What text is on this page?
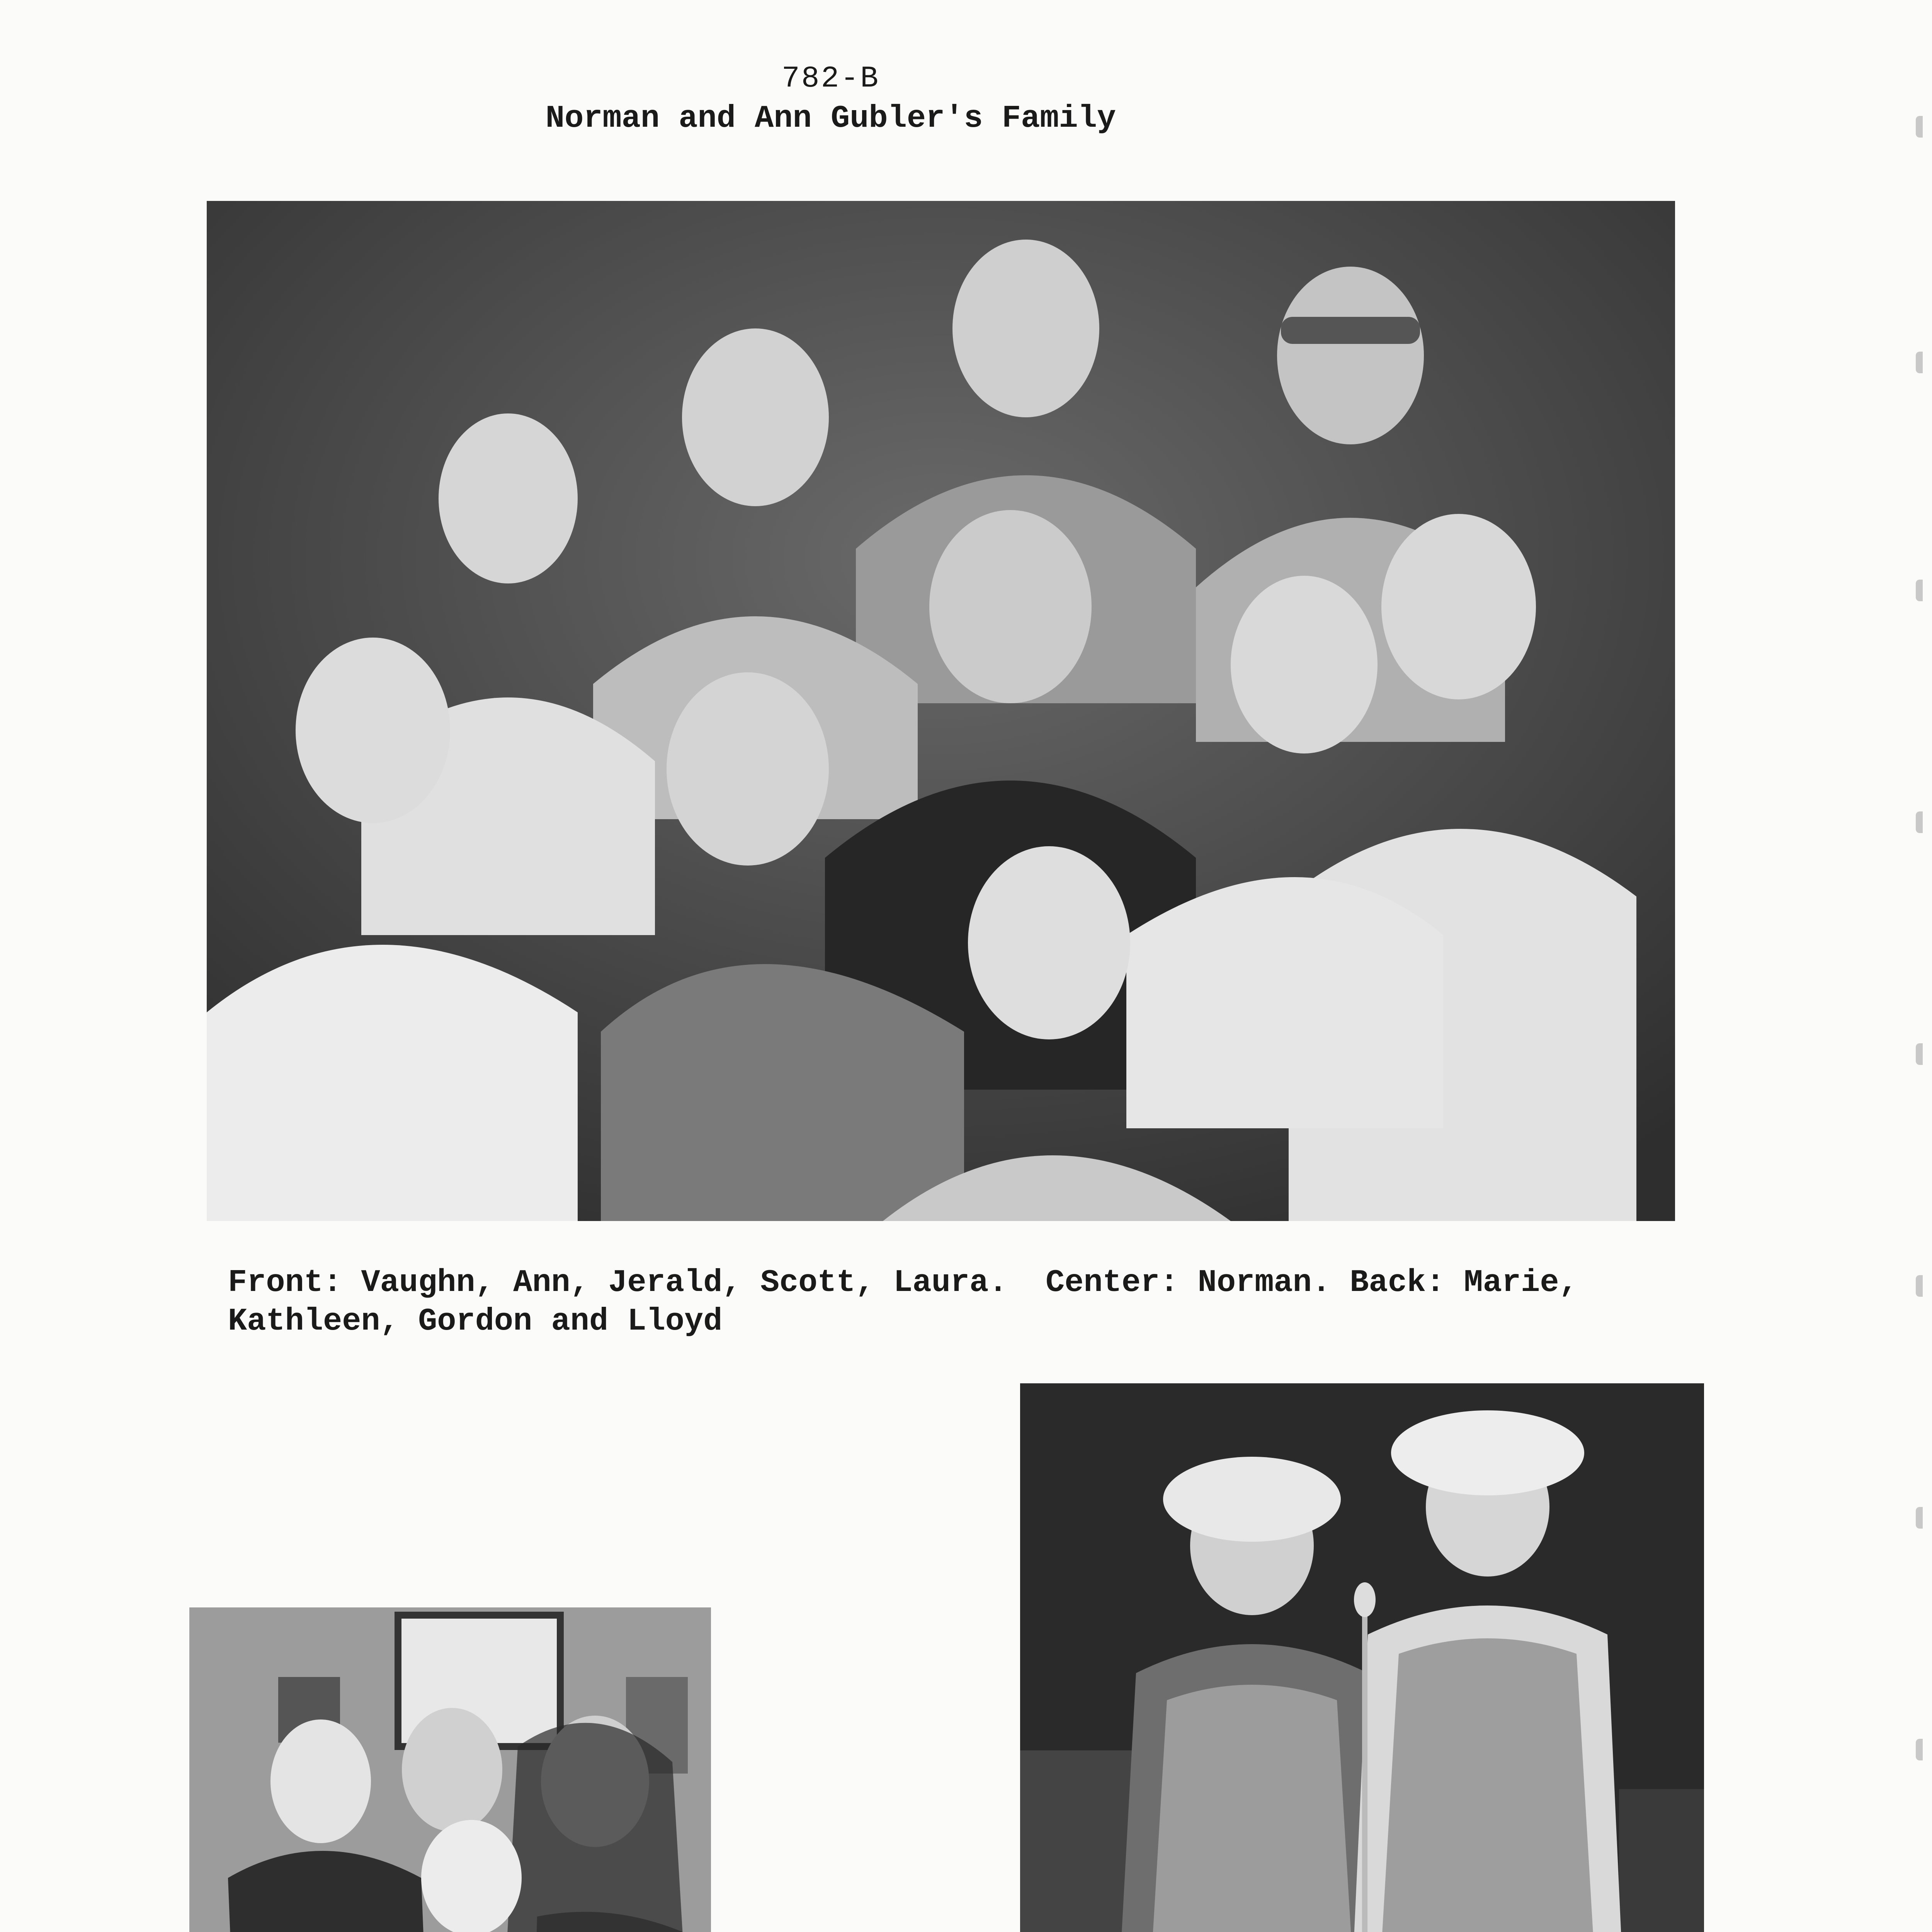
782-B
Norman and Ann Gubler's Family
Front: Vaughn, Ann, Jerald, Scott, Laura.  Center: Norman. Back: Marie,
Kathleen, Gordon and Lloyd
